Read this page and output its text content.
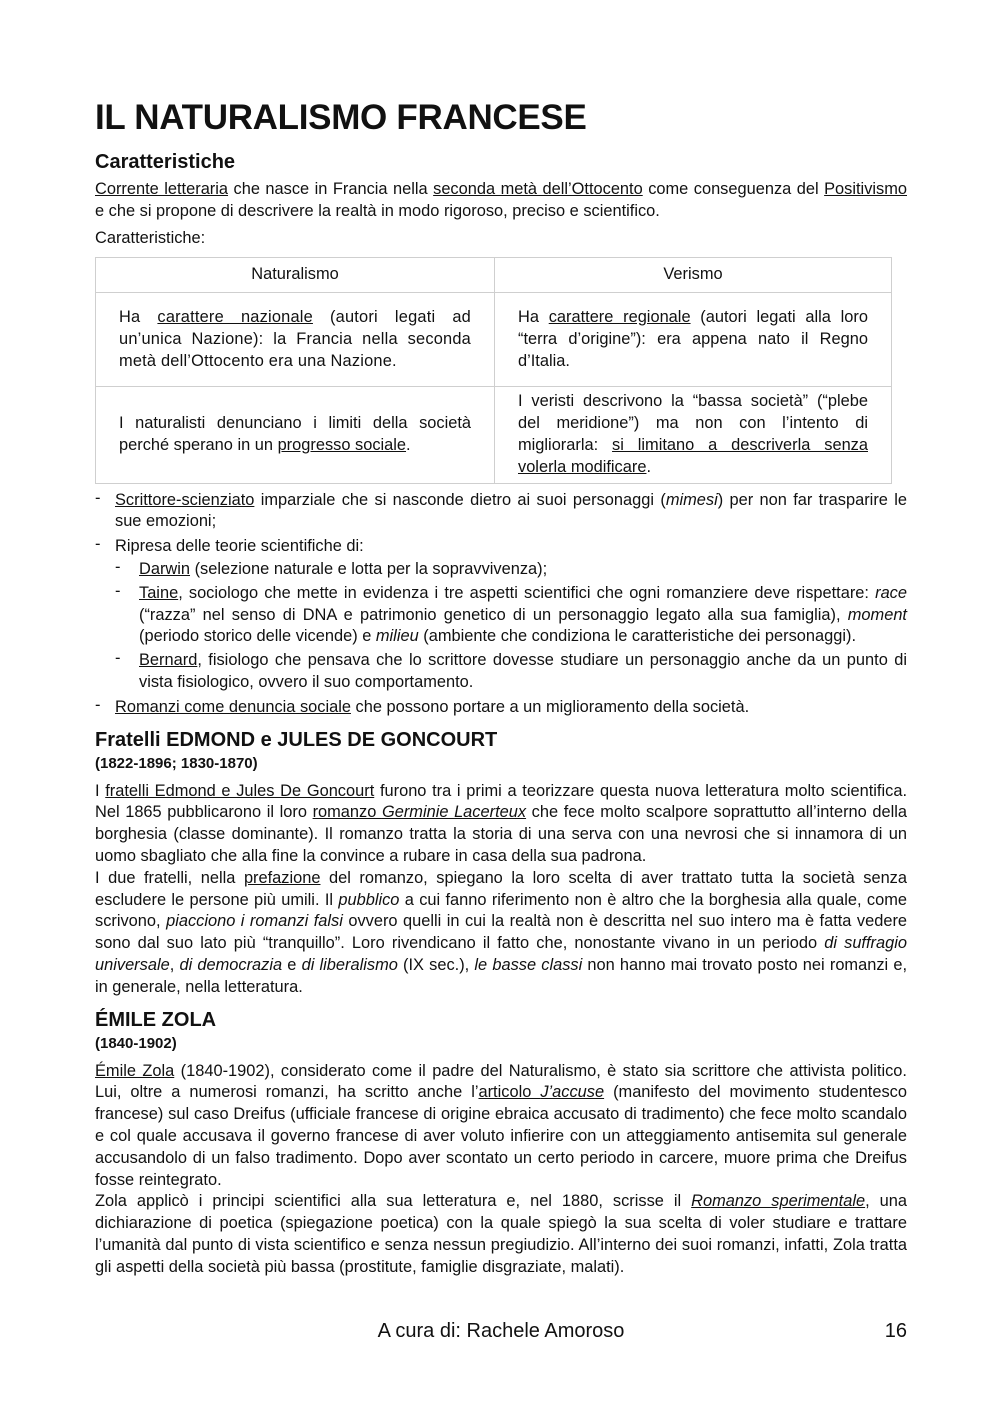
IL NATURALISMO FRANCESE
Caratteristiche

Corrente letteraria che nasce in Francia nella seconda metà dell’Ottocento come conseguenza del Positivismo e che si propone di descrivere la realtà in modo rigoroso, preciso e scientifico.

Caratteristiche:

Naturalismo	Verismo
Ha carattere nazionale (autori legati ad un’unica Nazione): la Francia nella seconda metà dell’Ottocento era una Nazione.	Ha carattere regionale (autori legati alla loro “terra d’origine”): era appena nato il Regno d’Italia.
I naturalisti denunciano i limiti della società perché sperano in un progresso sociale.	I veristi descrivono la “bassa società” (“plebe del meridione”) ma non con l’intento di migliorarla: si limitano a descriverla senza volerla modificare.
- Scrittore-scienziato imparziale che si nasconde dietro ai suoi personaggi (mimesi) per non far trasparire le sue emozioni;
- Ripresa delle teorie scientifiche di:
- Darwin (selezione naturale e lotta per la sopravvivenza);
- Taine, sociologo che mette in evidenza i tre aspetti scientifici che ogni romanziere deve rispettare: race (“razza” nel senso di DNA e patrimonio genetico di un personaggio legato alla sua famiglia), moment (periodo storico delle vicende) e milieu (ambiente che condiziona le caratteristiche dei personaggi).
- Bernard, fisiologo che pensava che lo scrittore dovesse studiare un personaggio anche da un punto di vista fisiologico, ovvero il suo comportamento.
- Romanzi come denuncia sociale che possono portare a un miglioramento della società.
Fratelli EDMOND e JULES DE GONCOURT
(1822-1896; 1830-1870)

I fratelli Edmond e Jules De Goncourt furono tra i primi a teorizzare questa nuova letteratura molto scientifica. Nel 1865 pubblicarono il loro romanzo Germinie Lacerteux che fece molto scalpore soprattutto all’interno della borghesia (classe dominante). Il romanzo tratta la storia di una serva con una nevrosi che si innamora di un uomo sbagliato che alla fine la convince a rubare in casa della sua padrona.

I due fratelli, nella prefazione del romanzo, spiegano la loro scelta di aver trattato tutta la società senza escludere le persone più umili. Il pubblico a cui fanno riferimento non è altro che la borghesia alla quale, come scrivono, piacciono i romanzi falsi ovvero quelli in cui la realtà non è descritta nel suo intero ma è fatta vedere sono dal suo lato più “tranquillo”. Loro rivendicano il fatto che, nonostante vivano in un periodo di suffragio universale, di democrazia e di liberalismo (IX sec.), le basse classi non hanno mai trovato posto nei romanzi e, in generale, nella letteratura.

ÉMILE ZOLA
(1840-1902)

Émile Zola (1840-1902), considerato come il padre del Naturalismo, è stato sia scrittore che attivista politico. Lui, oltre a numerosi romanzi, ha scritto anche l’articolo J’accuse (manifesto del movimento studentesco francese) sul caso Dreifus (ufficiale francese di origine ebraica accusato di tradimento) che fece molto scandalo e col quale accusava il governo francese di aver voluto infierire con un atteggiamento antisemita sul generale accusandolo di un falso tradimento. Dopo aver scontato un certo periodo in carcere, muore prima che Dreifus fosse reintegrato.

Zola applicò i principi scientifici alla sua letteratura e, nel 1880, scrisse il Romanzo sperimentale, una dichiarazione di poetica (spiegazione poetica) con la quale spiegò la sua scelta di voler studiare e trattare l’umanità dal punto di vista scientifico e senza nessun pregiudizio. All’interno dei suoi romanzi, infatti, Zola tratta gli aspetti della società più bassa (prostitute, famiglie disgraziate, malati).

A cura di: Rachele Amoroso	16
